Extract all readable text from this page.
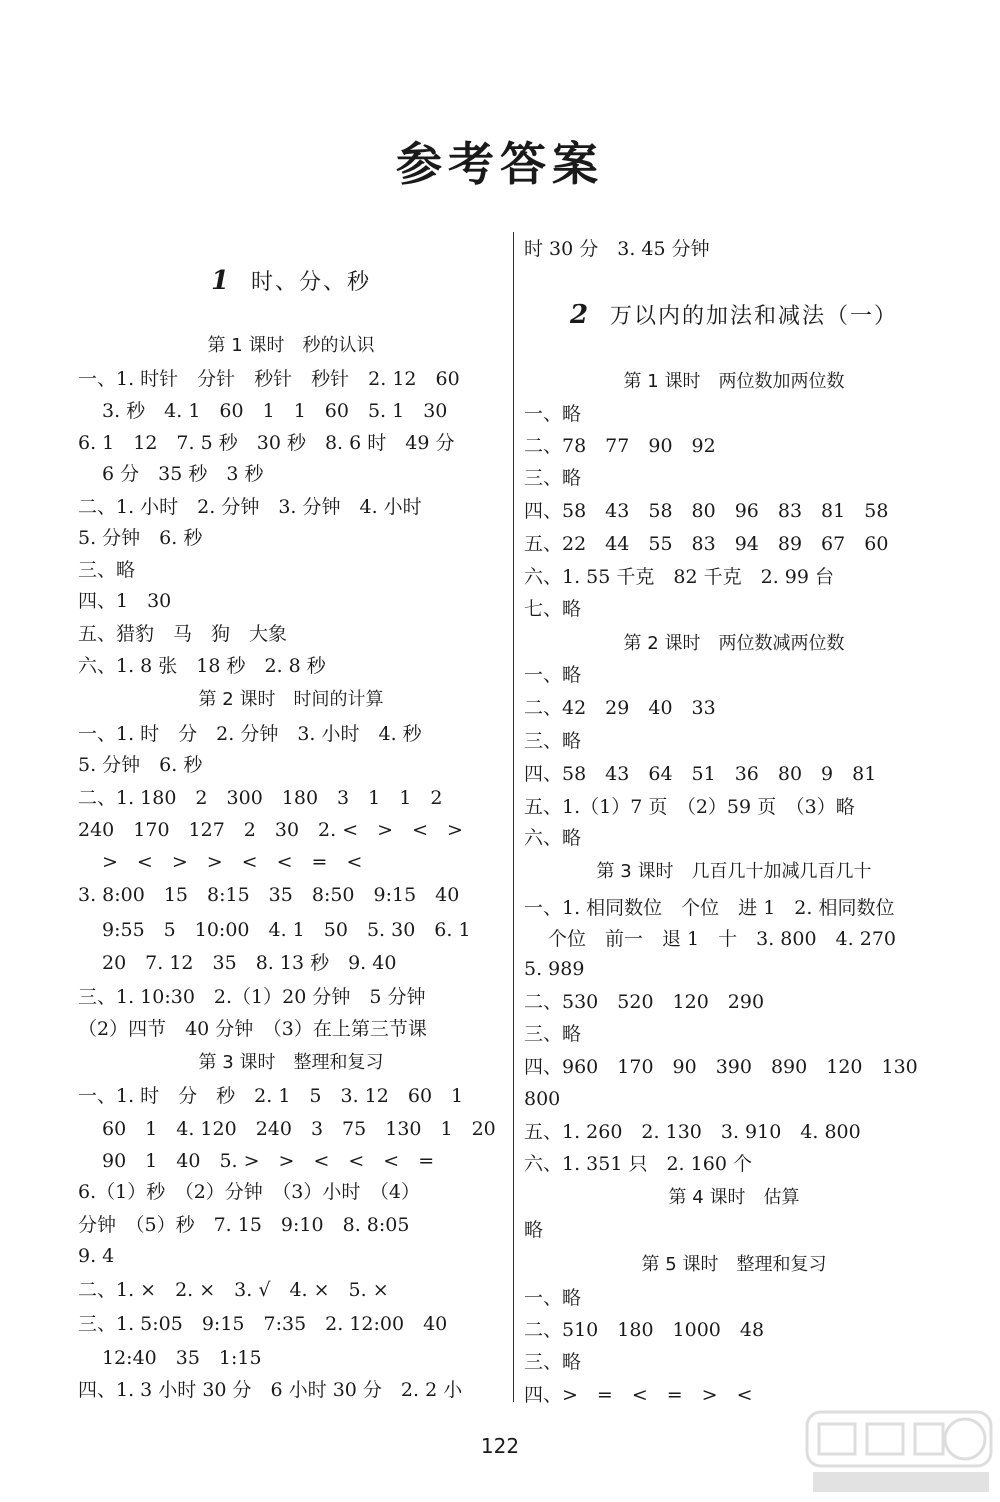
参考答案
1 时、分、秒
第 1 课时　秒的认识
一、1. 时针　分针　秒针　秒针　2. 12　60
3. 秒　4. 1　60　1　1　60　5. 1　30
6. 1　12　7. 5 秒　30 秒　8. 6 时　49 分
6 分　35 秒　3 秒
二、1. 小时　2. 分钟　3. 分钟　4. 小时
5. 分钟　6. 秒
三、略
四、1　30
五、猎豹　马　狗　大象
六、1. 8 张　18 秒　2. 8 秒
第 2 课时　时间的计算
一、1. 时　分　2. 分钟　3. 小时　4. 秒
5. 分钟　6. 秒
二、1. 180　2　300　180　3　1　1　2
240　170　127　2　30　2. <　>　<　>
>　<　>　>　<　<　=　<
3. 8:00　15　8:15　35　8:50　9:15　40
9:55　5　10:00　4. 1　50　5. 30　6. 1
20　7. 12　35　8. 13 秒　9. 40
三、1. 10:30　2.（1）20 分钟　5 分钟
（2）四节　40 分钟　（3）在上第三节课
第 3 课时　整理和复习
一、1. 时　分　秒　2. 1　5　3. 12　60　1
60　1　4. 120　240　3　75　130　1　20
90　1　40　5. >　>　<　<　<　=
6.（1）秒　（2）分钟　（3）小时　（4）
分钟　（5）秒　7. 15　9:10　8. 8:05
9. 4
二、1. ×　2. ×　3. √　4. ×　5. ×
三、1. 5:05　9:15　7:35　2. 12:00　40
12:40　35　1:15
四、1. 3 小时 30 分　6 小时 30 分　2. 2 小
时 30 分　3. 45 分钟
2 万以内的加法和减法（一）
第 1 课时　两位数加两位数
一、略
二、78　77　90　92
三、略
四、58　43　58　80　96　83　81　58
五、22　44　55　83　94　89　67　60
六、1. 55 千克　82 千克　2. 99 台
七、略
第 2 课时　两位数减两位数
一、略
二、42　29　40　33
三、略
四、58　43　64　51　36　80　9　81
五、1.（1）7 页　（2）59 页　（3）略
六、略
第 3 课时　几百几十加减几百几十
一、1. 相同数位　个位　进 1　2. 相同数位
个位　前一　退 1　十　3. 800　4. 270
5. 989
二、530　520　120　290
三、略
四、960　170　90　390　890　120　130
800
五、1. 260　2. 130　3. 910　4. 800
六、1. 351 只　2. 160 个
第 4 课时　估算
略
第 5 课时　整理和复习
一、略
二、510　180　1000　48
三、略
四、>　=　<　=　>　<
122
